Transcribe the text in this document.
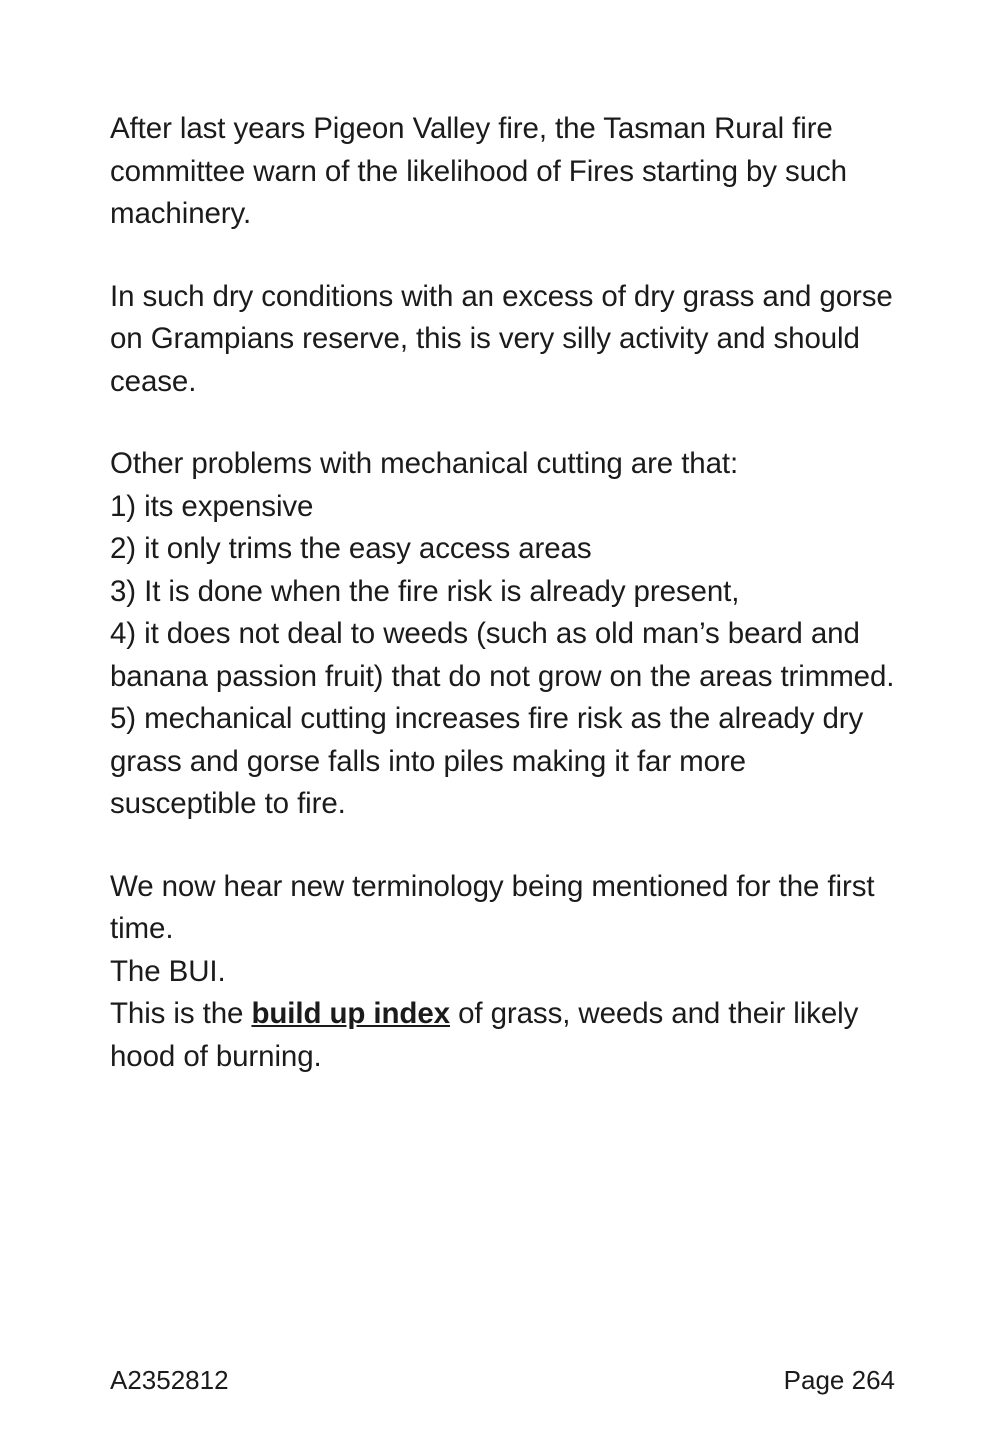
After last years Pigeon Valley fire, the Tasman Rural fire committee warn of the likelihood of Fires starting by such machinery.

In such dry conditions with an excess of dry grass and gorse on Grampians reserve, this is very silly activity and should cease.

Other problems with mechanical cutting are that:
1) its expensive
2) it only trims the easy access areas
3) It is done when the fire risk is already present,
4) it does not deal to weeds (such as old man’s beard and banana passion fruit) that do not grow on the areas trimmed.
5) mechanical cutting increases fire risk as the already dry grass and gorse falls into piles making it far more susceptible to fire.
We now hear new terminology being mentioned for the first time.
The BUI.
This is the build up index of grass, weeds and their likely hood of burning.
A2352812	Page 264
